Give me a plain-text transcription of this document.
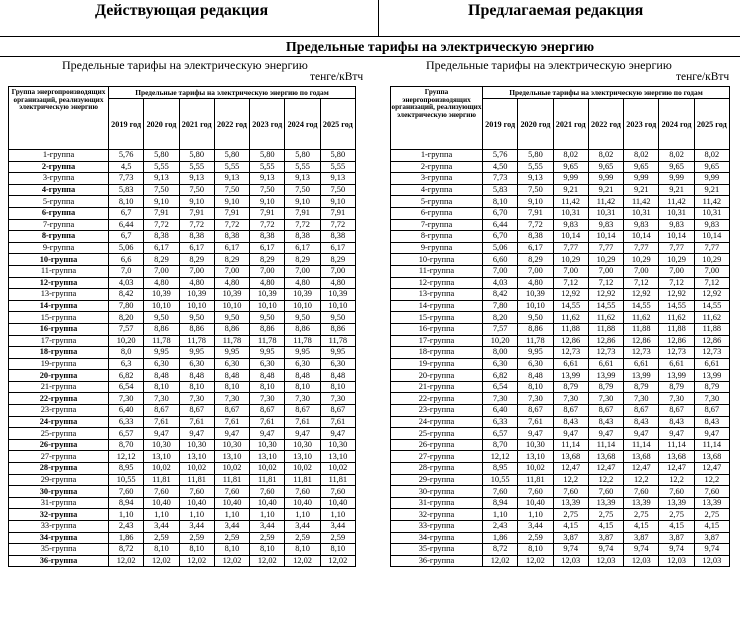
Действующая редакция	Предлагаемая редакция
Предельные тарифы на электрическую энергию
Предельные тарифы на электрическую энергию
тенге/кВтч
Предельные тарифы на электрическую энергию
тенге/кВтч
Группа энергопроизводящих организаций, реализующих электрическую энергию	Предельные тарифы на электрическую энергию по годам						
	2019 год	2020 год	2021 год	2022 год	2023 год	2024 год	2025 год
1-группа	5,76	5,80	5,80	5,80	5,80	5,80	5,80
2-группа	4,5	5,55	5,55	5,55	5,55	5,55	5,55
3-группа	7,73	9,13	9,13	9,13	9,13	9,13	9,13
4-группа	5,83	7,50	7,50	7,50	7,50	7,50	7,50
5-группа	8,10	9,10	9,10	9,10	9,10	9,10	9,10
6-группа	6,7	7,91	7,91	7,91	7,91	7,91	7,91
7-группа	6,44	7,72	7,72	7,72	7,72	7,72	7,72
8-группа	6,7	8,38	8,38	8,38	8,38	8,38	8,38
9-группа	5,06	6,17	6,17	6,17	6,17	6,17	6,17
10-группа	6,6	8,29	8,29	8,29	8,29	8,29	8,29
11-группа	7,0	7,00	7,00	7,00	7,00	7,00	7,00
12-группа	4,03	4,80	4,80	4,80	4,80	4,80	4,80
13-группа	8,42	10,39	10,39	10,39	10,39	10,39	10,39
14-группа	7,80	10,10	10,10	10,10	10,10	10,10	10,10
15-группа	8,20	9,50	9,50	9,50	9,50	9,50	9,50
16-группа	7,57	8,86	8,86	8,86	8,86	8,86	8,86
17-группа	10,20	11,78	11,78	11,78	11,78	11,78	11,78
18-группа	8,0	9,95	9,95	9,95	9,95	9,95	9,95
19-группа	6,3	6,30	6,30	6,30	6,30	6,30	6,30
20-группа	6,82	8,48	8,48	8,48	8,48	8,48	8,48
21-группа	6,54	8,10	8,10	8,10	8,10	8,10	8,10
22-группа	7,30	7,30	7,30	7,30	7,30	7,30	7,30
23-группа	6,40	8,67	8,67	8,67	8,67	8,67	8,67
24-группа	6,33	7,61	7,61	7,61	7,61	7,61	7,61
25-группа	6,57	9,47	9,47	9,47	9,47	9,47	9,47
26-группа	8,70	10,30	10,30	10,30	10,30	10,30	10,30
27-группа	12,12	13,10	13,10	13,10	13,10	13,10	13,10
28-группа	8,95	10,02	10,02	10,02	10,02	10,02	10,02
29-группа	10,55	11,81	11,81	11,81	11,81	11,81	11,81
30-группа	7,60	7,60	7,60	7,60	7,60	7,60	7,60
31-группа	8,94	10,40	10,40	10,40	10,40	10,40	10,40
32-группа	1,10	1,10	1,10	1,10	1,10	1,10	1,10
33-группа	2,43	3,44	3,44	3,44	3,44	3,44	3,44
34-группа	1,86	2,59	2,59	2,59	2,59	2,59	2,59
35-группа	8,72	8,10	8,10	8,10	8,10	8,10	8,10
36-группа	12,02	12,02	12,02	12,02	12,02	12,02	12,02
Группа энергопроизводящих организаций, реализующих электрическую энергию	Предельные тарифы на электрическую энергию по годам						
	2019 год	2020 год	2021 год	2022 год	2023 год	2024 год	2025 год
1-группа	5,76	5,80	8,02	8,02	8,02	8,02	8,02
2-группа	4,50	5,55	9,65	9,65	9,65	9,65	9,65
3-группа	7,73	9,13	9,99	9,99	9,99	9,99	9,99
4-группа	5,83	7,50	9,21	9,21	9,21	9,21	9,21
5-группа	8,10	9,10	11,42	11,42	11,42	11,42	11,42
6-группа	6,70	7,91	10,31	10,31	10,31	10,31	10,31
7-группа	6,44	7,72	9,83	9,83	9,83	9,83	9,83
8-группа	6,70	8,38	10,14	10,14	10,14	10,14	10,14
9-группа	5,06	6,17	7,77	7,77	7,77	7,77	7,77
10-группа	6,60	8,29	10,29	10,29	10,29	10,29	10,29
11-группа	7,00	7,00	7,00	7,00	7,00	7,00	7,00
12-группа	4,03	4,80	7,12	7,12	7,12	7,12	7,12
13-группа	8,42	10,39	12,92	12,92	12,92	12,92	12,92
14-группа	7,80	10,10	14,55	14,55	14,55	14,55	14,55
15-группа	8,20	9,50	11,62	11,62	11,62	11,62	11,62
16-группа	7,57	8,86	11,88	11,88	11,88	11,88	11,88
17-группа	10,20	11,78	12,86	12,86	12,86	12,86	12,86
18-группа	8,00	9,95	12,73	12,73	12,73	12,73	12,73
19-группа	6,30	6,30	6,61	6,61	6,61	6,61	6,61
20-группа	6,82	8,48	13,99	13,99	13,99	13,99	13,99
21-группа	6,54	8,10	8,79	8,79	8,79	8,79	8,79
22-группа	7,30	7,30	7,30	7,30	7,30	7,30	7,30
23-группа	6,40	8,67	8,67	8,67	8,67	8,67	8,67
24-группа	6,33	7,61	8,43	8,43	8,43	8,43	8,43
25-группа	6,57	9,47	9,47	9,47	9,47	9,47	9,47
26-группа	8,70	10,30	11,14	11,14	11,14	11,14	11,14
27-группа	12,12	13,10	13,68	13,68	13,68	13,68	13,68
28-группа	8,95	10,02	12,47	12,47	12,47	12,47	12,47
29-группа	10,55	11,81	12,2	12,2	12,2	12,2	12,2
30-группа	7,60	7,60	7,60	7,60	7,60	7,60	7,60
31-группа	8,94	10,40	13,39	13,39	13,39	13,39	13,39
32-группа	1,10	1,10	2,75	2,75	2,75	2,75	2,75
33-группа	2,43	3,44	4,15	4,15	4,15	4,15	4,15
34-группа	1,86	2,59	3,87	3,87	3,87	3,87	3,87
35-группа	8,72	8,10	9,74	9,74	9,74	9,74	9,74
36-группа	12,02	12,02	12,03	12,03	12,03	12,03	12,03
